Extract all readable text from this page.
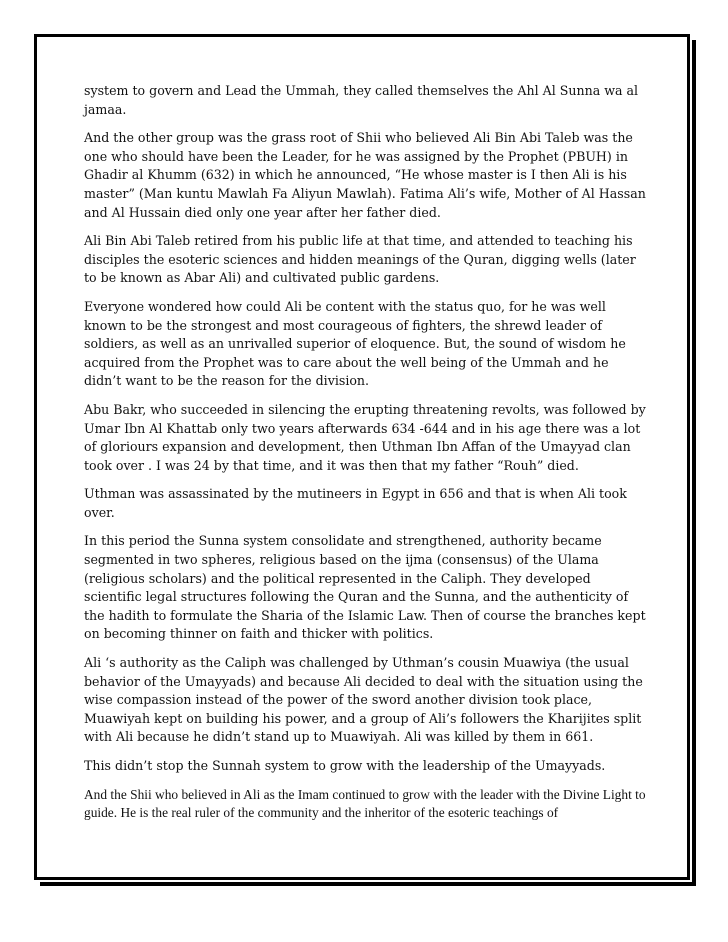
system to govern and Lead the Ummah, they called themselves the Ahl Al Sunna wa al jamaa.

And the other group was the grass root of Shii who believed Ali Bin Abi Taleb was the one who should have been the Leader, for he was assigned by the Prophet (PBUH) in Ghadir al Khumm (632) in which he announced, “He whose master is I then Ali is his master” (Man kuntu Mawlah Fa Aliyun Mawlah). Fatima Ali’s wife, Mother of Al Hassan and Al Hussain died only one year after her father died.

Ali Bin Abi Taleb retired from his public life at that time, and attended to teaching his disciples the esoteric sciences and hidden meanings of the Quran, digging wells (later to be known as Abar Ali) and cultivated public gardens.

Everyone wondered how could Ali be content with the status quo, for he was well known to be the strongest and most courageous of fighters, the shrewd leader of soldiers, as well as an unrivalled superior of eloquence. But, the sound of wisdom he acquired from the Prophet was to care about the well being of the Ummah and he didn’t want to be the reason for the division.

Abu Bakr, who succeeded in silencing the erupting threatening revolts, was followed by Umar Ibn Al Khattab only two years afterwards 634 -644 and in his age there was a lot of gloriours expansion and development, then Uthman Ibn Affan of the Umayyad clan took over . I was 24 by that time, and it was then that my father “Rouh” died.

Uthman was assassinated by the mutineers in Egypt in 656 and that is when Ali took over.

In this period the Sunna system consolidate and strengthened, authority became segmented in two spheres, religious based on the ijma (consensus) of the Ulama (religious scholars) and the political represented in the Caliph. They developed scientific legal structures following the Quran and the Sunna, and the authenticity of the hadith to formulate the Sharia of the Islamic Law. Then of course the branches kept on becoming thinner on faith and thicker with politics.

Ali ‘s authority as the Caliph was challenged by Uthman’s cousin Muawiya (the usual behavior of the Umayyads) and because Ali decided to deal with the situation using the wise compassion instead of the power of the sword another division took place, Muawiyah kept on building his power, and a group of Ali’s followers the Kharijites split with Ali because he didn’t stand up to Muawiyah. Ali was killed by them in 661.

This didn’t stop the Sunnah system to grow with the leadership of the Umayyads.

And the Shii who believed in Ali as the Imam continued to grow with the leader with the Divine Light to guide. He is the real ruler of the community and the inheritor of the esoteric teachings of
